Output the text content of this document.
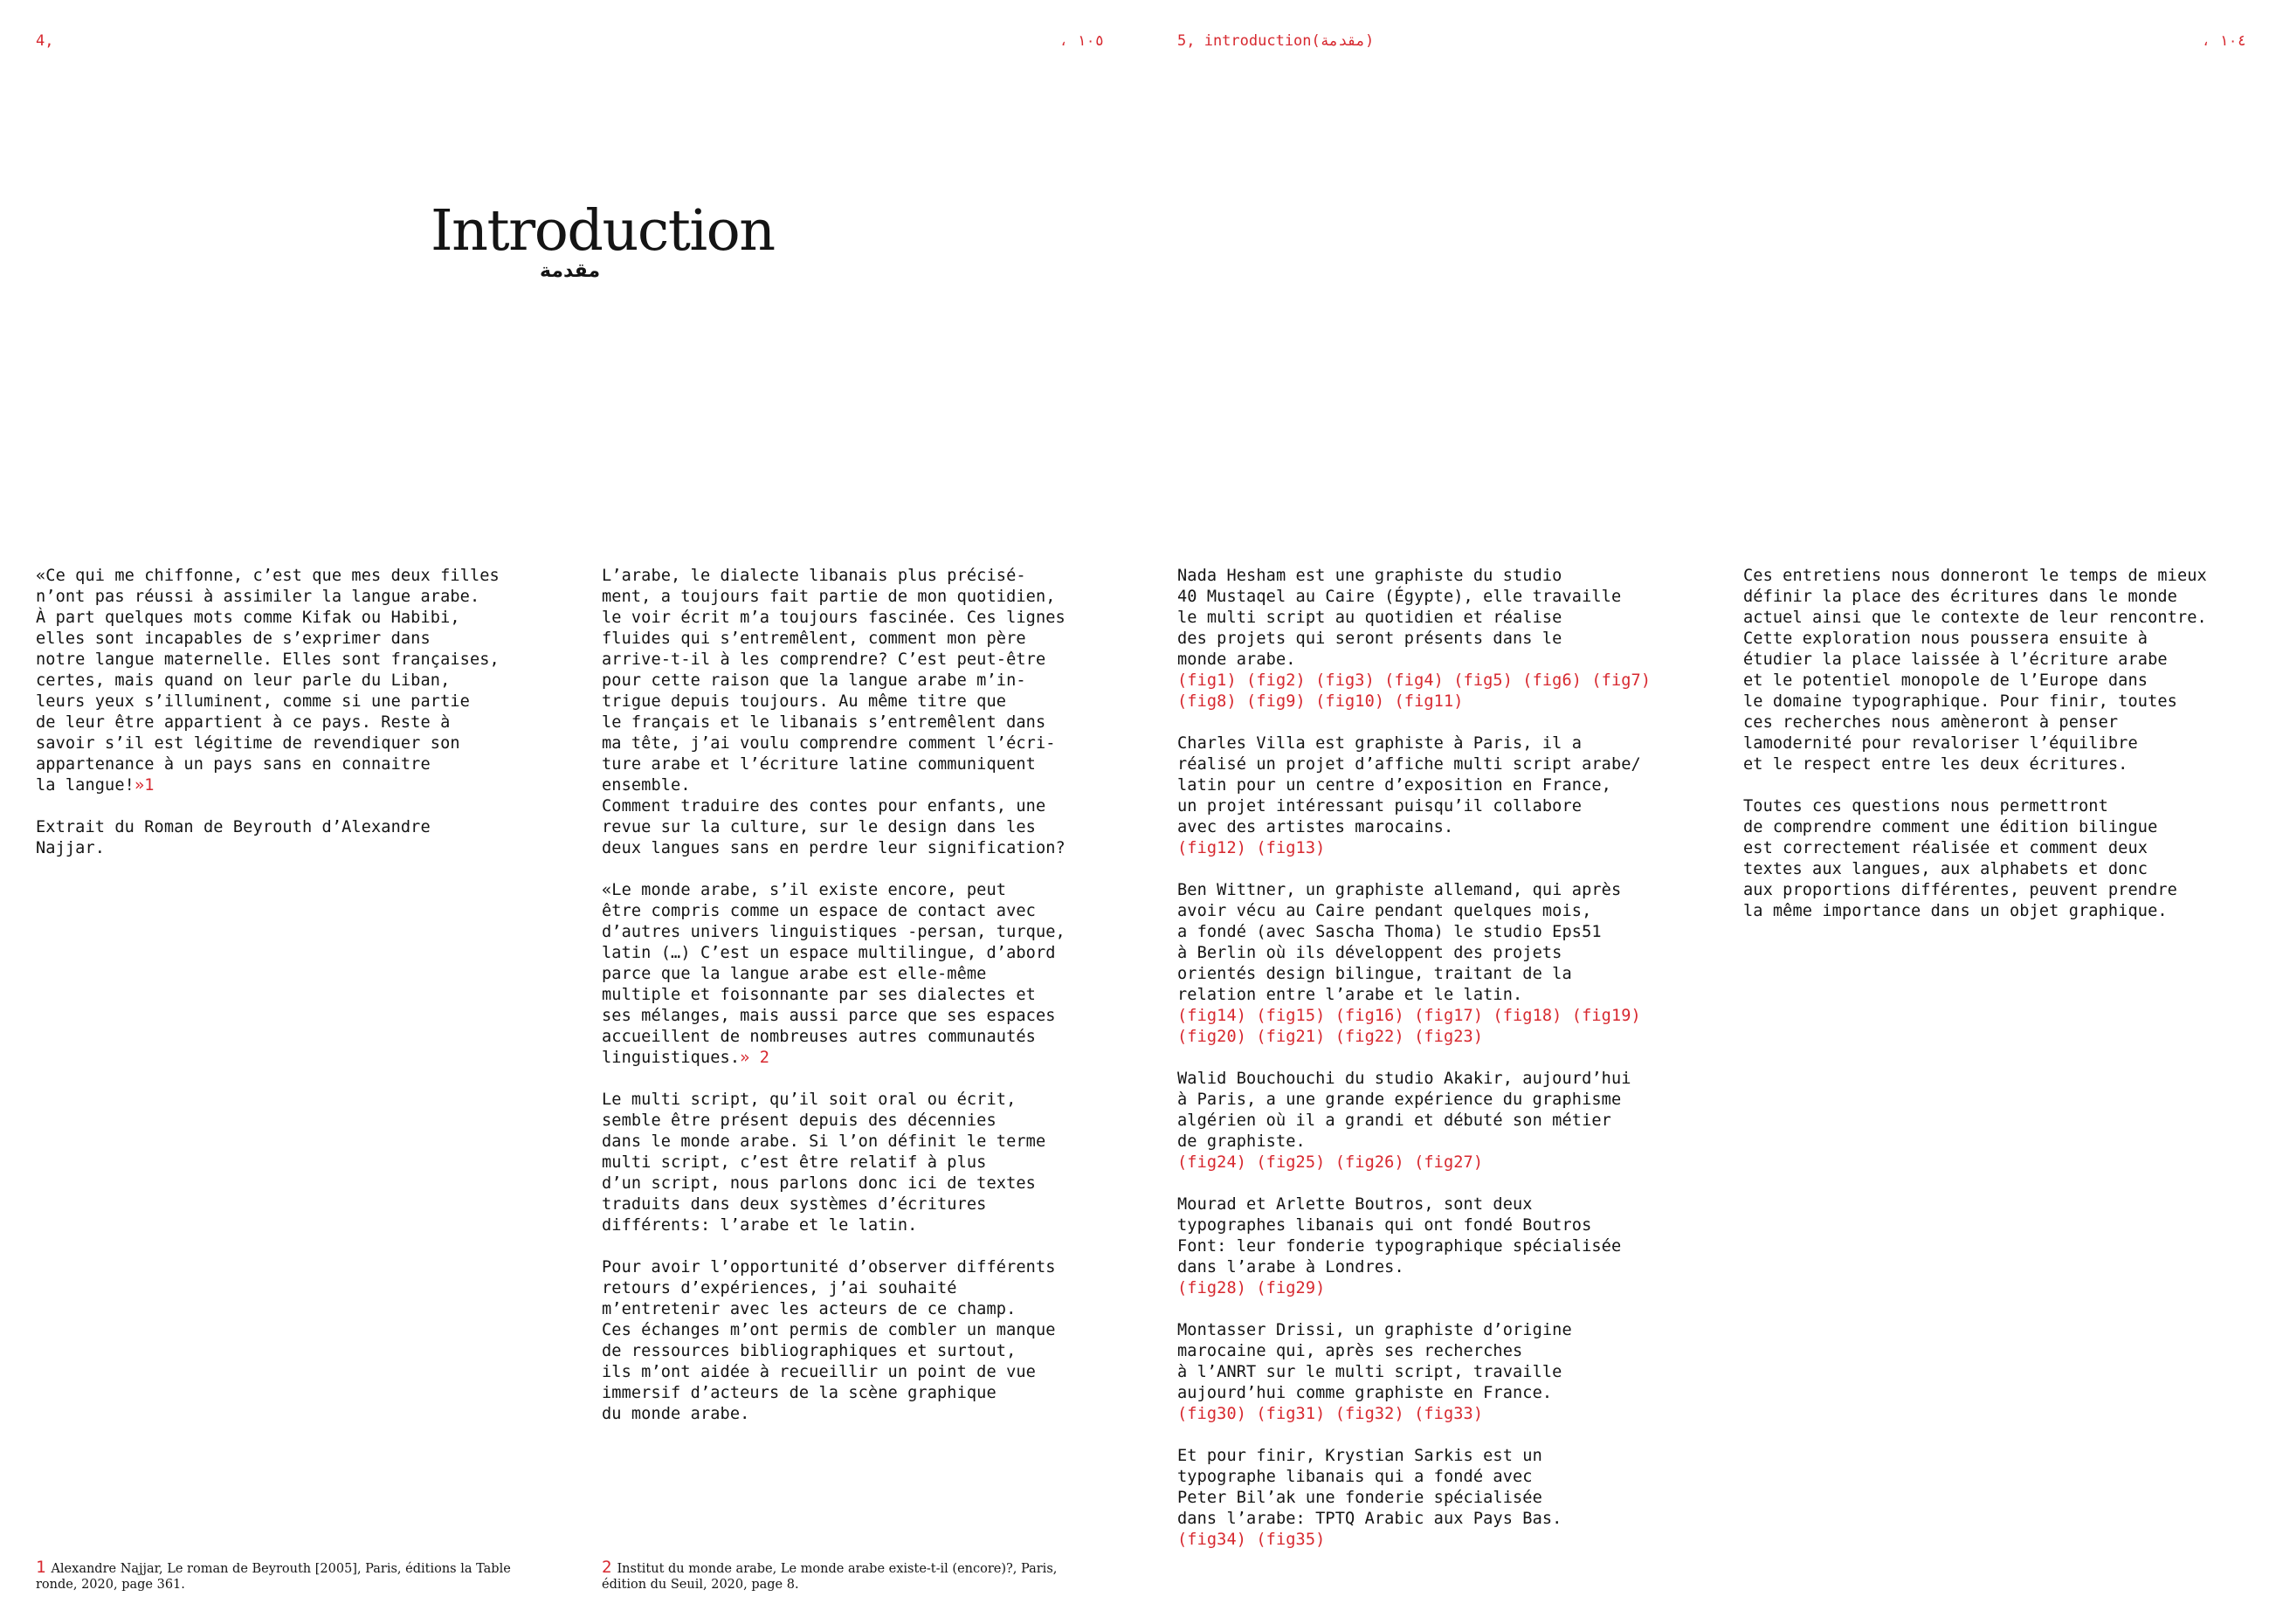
4,	، ١٠٥	5, introduction(مقدمة)	، ١٠٤
Introduction
مقدمة

«Ce qui me chiffonne, c’est que mes deux filles
n’ont pas réussi à assimiler la langue arabe.
À part quelques mots comme Kifak ou Habibi,
elles sont incapables de s’exprimer dans
notre langue maternelle. Elles sont françaises,
certes, mais quand on leur parle du Liban,
leurs yeux s’illuminent, comme si une partie
de leur être appartient à ce pays. Reste à
savoir s’il est légitime de revendiquer son
appartenance à un pays sans en connaitre
la langue!»1

Extrait du Roman de Beyrouth d’Alexandre
Najjar.

L’arabe, le dialecte libanais plus précisé-
ment, a toujours fait partie de mon quotidien,
le voir écrit m’a toujours fascinée. Ces lignes
fluides qui s’entremêlent, comment mon père
arrive-t-il à les comprendre? C’est peut-être
pour cette raison que la langue arabe m’in-
trigue depuis toujours. Au même titre que
le français et le libanais s’entremêlent dans
ma tête, j’ai voulu comprendre comment l’écri-
ture arabe et l’écriture latine communiquent
ensemble.
Comment traduire des contes pour enfants, une
revue sur la culture, sur le design dans les
deux langues sans en perdre leur signification?

«Le monde arabe, s’il existe encore, peut
être compris comme un espace de contact avec
d’autres univers linguistiques -persan, turque,
latin (…) C’est un espace multilingue, d’abord
parce que la langue arabe est elle-même
multiple et foisonnante par ses dialectes et
ses mélanges, mais aussi parce que ses espaces
accueillent de nombreuses autres communautés
linguistiques.» 2

Le multi script, qu’il soit oral ou écrit,
semble être présent depuis des décennies
dans le monde arabe. Si l’on définit le terme
multi script, c’est être relatif à plus
d’un script, nous parlons donc ici de textes
traduits dans deux systèmes d’écritures
différents: l’arabe et le latin.

Pour avoir l’opportunité d’observer différents
retours d’expériences, j’ai souhaité
m’entretenir avec les acteurs de ce champ.
Ces échanges m’ont permis de combler un manque
de ressources bibliographiques et surtout,
ils m’ont aidée à recueillir un point de vue
immersif d’acteurs de la scène graphique
du monde arabe.

Nada Hesham est une graphiste du studio
40 Mustaqel au Caire (Égypte), elle travaille
le multi script au quotidien et réalise
des projets qui seront présents dans le
monde arabe.
(fig1) (fig2) (fig3) (fig4) (fig5) (fig6) (fig7)
(fig8) (fig9) (fig10) (fig11)

Charles Villa est graphiste à Paris, il a
réalisé un projet d’affiche multi script arabe/
latin pour un centre d’exposition en France,
un projet intéressant puisqu’il collabore
avec des artistes marocains.
(fig12) (fig13)

Ben Wittner, un graphiste allemand, qui après
avoir vécu au Caire pendant quelques mois,
a fondé (avec Sascha Thoma) le studio Eps51
à Berlin où ils développent des projets
orientés design bilingue, traitant de la
relation entre l’arabe et le latin.
(fig14) (fig15) (fig16) (fig17) (fig18) (fig19)
(fig20) (fig21) (fig22) (fig23)

Walid Bouchouchi du studio Akakir, aujourd’hui
à Paris, a une grande expérience du graphisme
algérien où il a grandi et débuté son métier
de graphiste.
(fig24) (fig25) (fig26) (fig27)

Mourad et Arlette Boutros, sont deux
typographes libanais qui ont fondé Boutros
Font: leur fonderie typographique spécialisée
dans l’arabe à Londres.
(fig28) (fig29)

Montasser Drissi, un graphiste d’origine
marocaine qui, après ses recherches
à l’ANRT sur le multi script, travaille
aujourd’hui comme graphiste en France.
(fig30) (fig31) (fig32) (fig33)

Et pour finir, Krystian Sarkis est un
typographe libanais qui a fondé avec
Peter Bil’ak une fonderie spécialisée
dans l’arabe: TPTQ Arabic aux Pays Bas.
(fig34) (fig35)

Ces entretiens nous donneront le temps de mieux
définir la place des écritures dans le monde
actuel ainsi que le contexte de leur rencontre.
Cette exploration nous poussera ensuite à
étudier la place laissée à l’écriture arabe
et le potentiel monopole de l’Europe dans
le domaine typographique. Pour finir, toutes
ces recherches nous amèneront à penser
lamodernité pour revaloriser l’équilibre
et le respect entre les deux écritures.

Toutes ces questions nous permettront
de comprendre comment une édition bilingue
est correctement réalisée et comment deux
textes aux langues, aux alphabets et donc
aux proportions différentes, peuvent prendre
la même importance dans un objet graphique.

1 Alexandre Najjar, Le roman de Beyrouth [2005], Paris, éditions la Table ronde, 2020, page 361.
2 Institut du monde arabe, Le monde arabe existe-t-il (encore)?, Paris, édition du Seuil, 2020, page 8.
